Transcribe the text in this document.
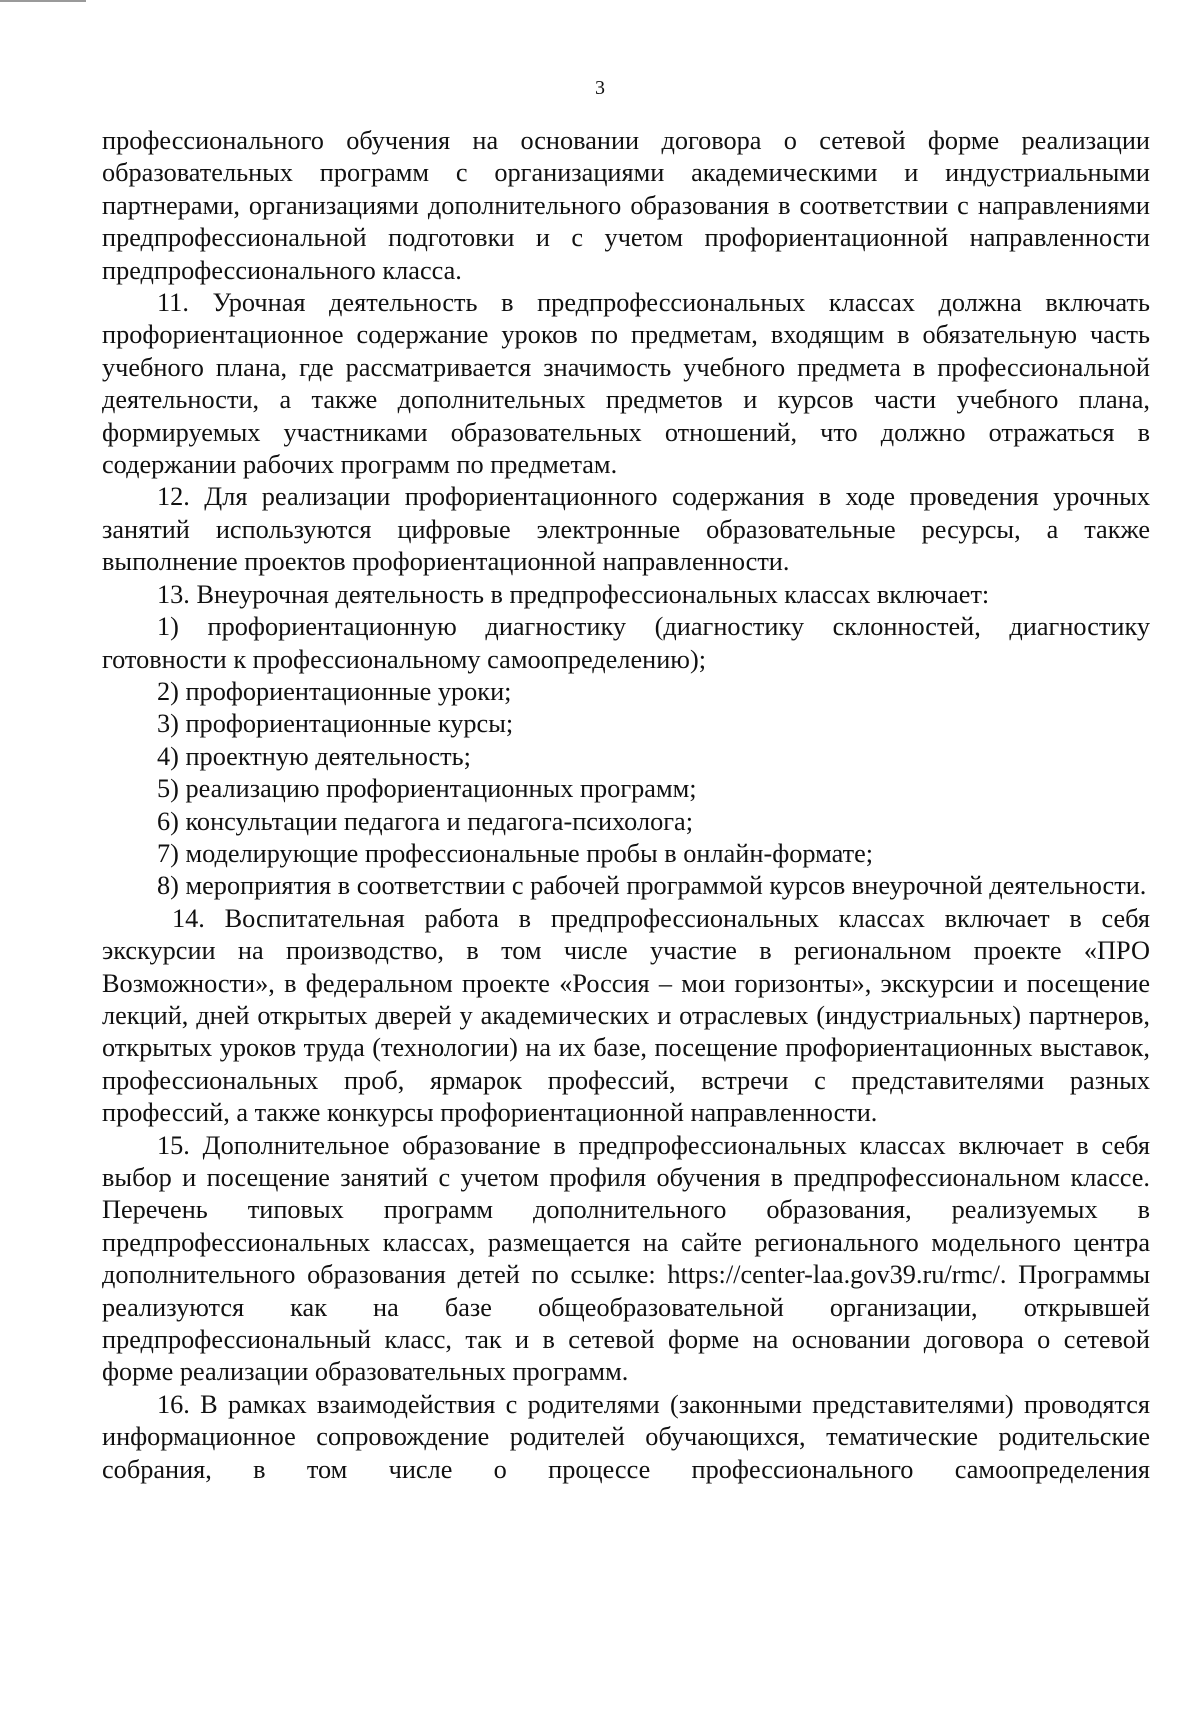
3

профессионального обучения на основании договора о сетевой форме реализации образовательных программ с организациями академическими и индустриальными партнерами, организациями дополнительного образования в соответствии с направлениями предпрофессиональной подготовки и с учетом профориентационной направленности предпрофессионального класса.

11. Урочная деятельность в предпрофессиональных классах должна включать профориентационное содержание уроков по предметам, входящим в обязательную часть учебного плана, где рассматривается значимость учебного предмета в профессиональной деятельности, а также дополнительных предметов и курсов части учебного плана, формируемых участниками образовательных отношений, что должно отражаться в содержании рабочих программ по предметам.

12. Для реализации профориентационного содержания в ходе проведения урочных занятий используются цифровые электронные образовательные ресурсы, а также выполнение проектов профориентационной направленности.

13. Внеурочная деятельность в предпрофессиональных классах включает:

1) профориентационную диагностику (диагностику склонностей, диагностику готовности к профессиональному самоопределению);

2) профориентационные уроки;

3) профориентационные курсы;

4) проектную деятельность;

5) реализацию профориентационных программ;

6) консультации педагога и педагога-психолога;

7) моделирующие профессиональные пробы в онлайн-формате;

8) мероприятия в соответствии с рабочей программой курсов внеурочной деятельности.

14. Воспитательная работа в предпрофессиональных классах включает в себя экскурсии на производство, в том числе участие в региональном проекте «ПРО Возможности», в федеральном проекте «Россия – мои горизонты», экскурсии и посещение лекций, дней открытых дверей у академических и отраслевых (индустриальных) партнеров, открытых уроков труда (технологии) на их базе, посещение профориентационных выставок, профессиональных проб, ярмарок профессий, встречи с представителями разных профессий, а также конкурсы профориентационной направленности.

15. Дополнительное образование в предпрофессиональных классах включает в себя выбор и посещение занятий с учетом профиля обучения в предпрофессиональном классе. Перечень типовых программ дополнительного образования, реализуемых в предпрофессиональных классах, размещается на сайте регионального модельного центра дополнительного образования детей по ссылке: https://center-laa.gov39.ru/rmc/. Программы реализуются как на базе общеобразовательной организации, открывшей предпрофессиональный класс, так и в сетевой форме на основании договора о сетевой форме реализации образовательных программ.

16. В рамках взаимодействия с родителями (законными представителями) проводятся информационное сопровождение родителей обучающихся, тематические родительские собрания, в том числе о процессе профессионального самоопределения
